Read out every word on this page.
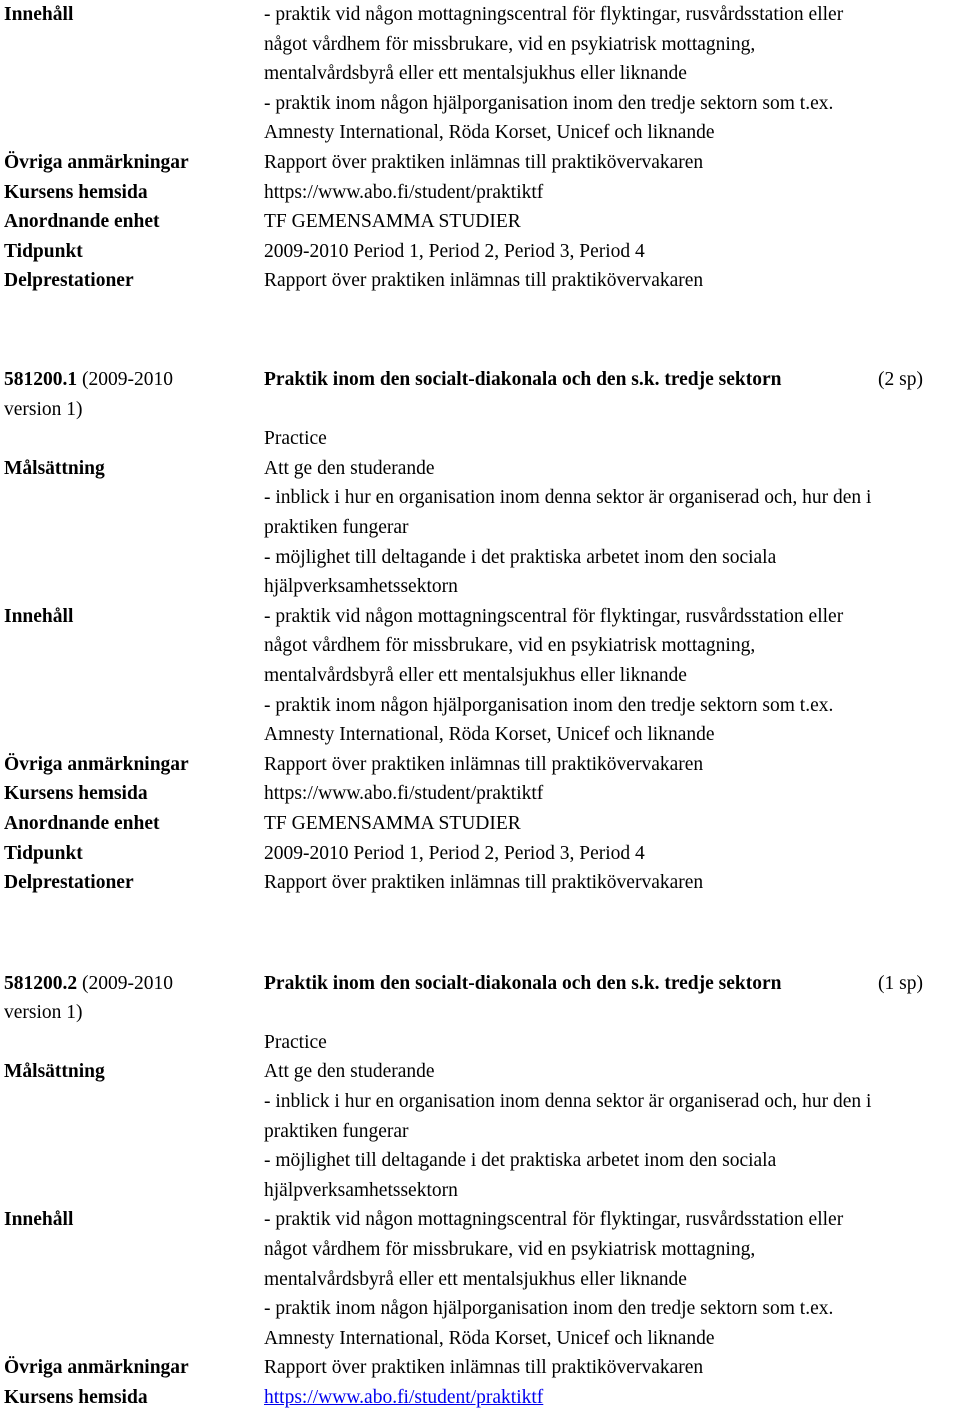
Innehåll	- praktik vid någon mottagningscentral för flyktingar, rusvårdsstation eller
något vårdhem för missbrukare, vid en psykiatrisk mottagning,
mentalvårdsbyrå eller ett mentalsjukhus eller liknande
- praktik inom någon hjälporganisation inom den tredje sektorn som t.ex.
Amnesty International, Röda Korset, Unicef och liknande
Övriga anmärkningar	Rapport över praktiken inlämnas till praktikövervakaren
Kursens hemsida	https://www.abo.fi/student/praktiktf
Anordnande enhet	TF GEMENSAMMA STUDIER
Tidpunkt	2009-2010 Period 1, Period 2, Period 3, Period 4
Delprestationer	Rapport över praktiken inlämnas till praktikövervakaren
581200.1 (2009-2010	Praktik inom den socialt-diakonala och den s.k. tredje sektorn	(2 sp)
version 1)
Practice
Målsättning	Att ge den studerande
- inblick i hur en organisation inom denna sektor är organiserad och, hur den i
praktiken fungerar
- möjlighet till deltagande i det praktiska arbetet inom den sociala
hjälpverksamhetssektorn
Innehåll	- praktik vid någon mottagningscentral för flyktingar, rusvårdsstation eller
något vårdhem för missbrukare, vid en psykiatrisk mottagning,
mentalvårdsbyrå eller ett mentalsjukhus eller liknande
- praktik inom någon hjälporganisation inom den tredje sektorn som t.ex.
Amnesty International, Röda Korset, Unicef och liknande
Övriga anmärkningar	Rapport över praktiken inlämnas till praktikövervakaren
Kursens hemsida	https://www.abo.fi/student/praktiktf
Anordnande enhet	TF GEMENSAMMA STUDIER
Tidpunkt	2009-2010 Period 1, Period 2, Period 3, Period 4
Delprestationer	Rapport över praktiken inlämnas till praktikövervakaren
581200.2 (2009-2010	Praktik inom den socialt-diakonala och den s.k. tredje sektorn	(1 sp)
version 1)
Practice
Målsättning	Att ge den studerande
- inblick i hur en organisation inom denna sektor är organiserad och, hur den i
praktiken fungerar
- möjlighet till deltagande i det praktiska arbetet inom den sociala
hjälpverksamhetssektorn
Innehåll	- praktik vid någon mottagningscentral för flyktingar, rusvårdsstation eller
något vårdhem för missbrukare, vid en psykiatrisk mottagning,
mentalvårdsbyrå eller ett mentalsjukhus eller liknande
- praktik inom någon hjälporganisation inom den tredje sektorn som t.ex.
Amnesty International, Röda Korset, Unicef och liknande
Övriga anmärkningar	Rapport över praktiken inlämnas till praktikövervakaren
Kursens hemsida	https://www.abo.fi/student/praktiktf
